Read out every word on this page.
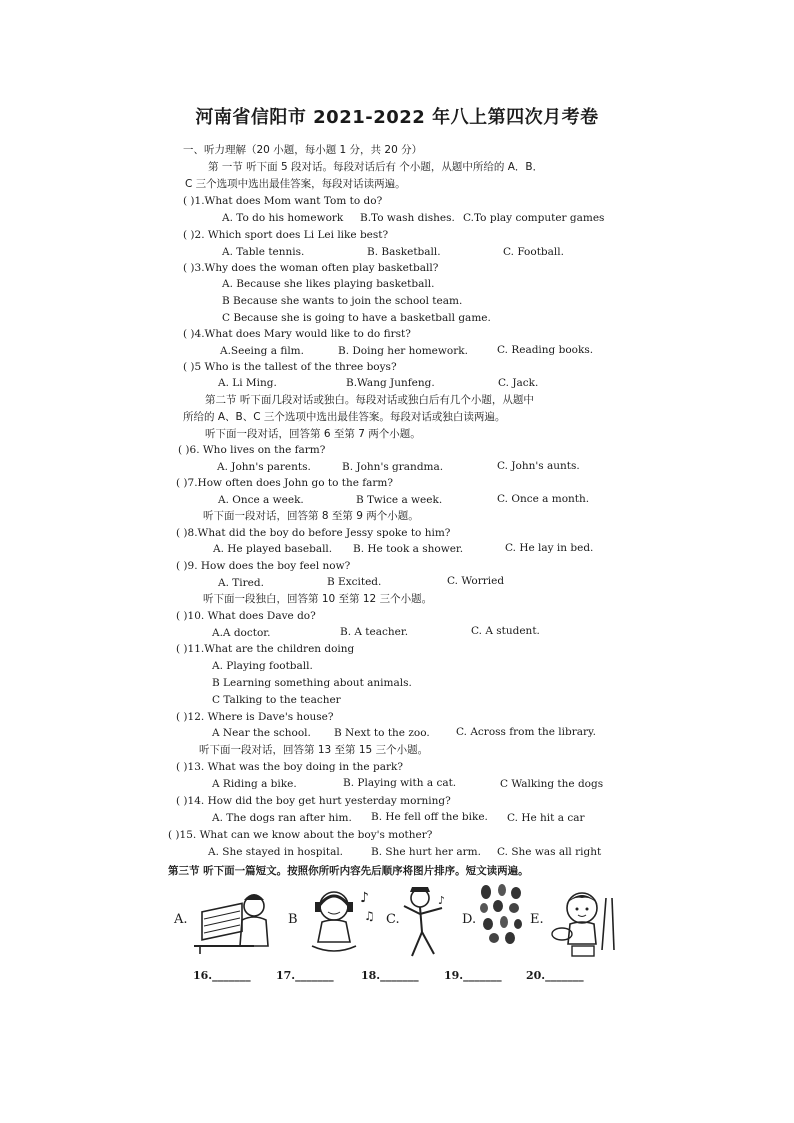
河南省信阳市 2021-2022 年八上第四次月考卷
一、听力理解（20 小题，每小题 1 分，共 20 分）
第 一节 听下面 5 段对话。每段对话后有 个小题，从题中所给的 A．B．
C 三个选项中选出最佳答案，每段对话读两遍。
( )1.What does Mom want Tom to do?
A. To do his homework B.To wash dishes. C.To play computer games
( )2. Which sport does Li Lei like best?
A. Table tennis.	B. Basketball.	C. Football.
( )3.Why does the woman often play basketball?
A. Because she likes playing basketball.
B Because she wants to join the school team.
C Because she is going to have a basketball game.
( )4.What does Mary would like to do first?
A.Seeing a film.	B. Doing her homework.	C. Reading books.
( )5 Who is the tallest of the three boys?
A. Li Ming.	B.Wang Junfeng.	C. Jack.
第二节 听下面几段对话或独白。每段对话或独白后有几个小题，从题中
所给的 A、B、C 三个选项中选出最佳答案。每段对话或独白读两遍。
听下面一段对话，回答第 6 至第 7 两个小题。
( )6. Who lives on the farm?
A. John's parents.	B. John's grandma.	C. John's aunts.
( )7.How often does John go to the farm?
A. Once a week.	B Twice a week.	C. Once a month.
听下面一段对话，回答第 8 至第 9 两个小题。
( )8.What did the boy do before Jessy spoke to him?
A. He played baseball. B. He took a shower.	C. He lay in bed.
( )9. How does the boy feel now?
A. Tired.	B Excited.	C. Worried
听下面一段独白，回答第 10 至第 12 三个小题。
( )10. What does Dave do?
A.A doctor.	B. A teacher.	C. A student.
( )11.What are the children doing
A. Playing football.
B Learning something about animals.
C Talking to the teacher
( )12. Where is Dave's house?
A Near the school. B Next to the zoo.	C. Across from the library.
听下面一段对话，回答第 13 至第 15 三个小题。
( )13. What was the boy doing in the park?
A Riding a bike.	B. Playing with a cat.	C Walking the dogs
( )14. How did the boy get hurt yesterday morning?
A. The dogs ran after him. B. He fell off the bike. C. He hit a car
( )15. What can we know about the boy's mother?
A. She stayed in hospital.	B. She hurt her arm. C. She was all right
第三节 听下面一篇短文。按照你所听内容先后顺序将图片排序。短文读两遍。
A.	B
♪
♫ C.
♪
D.	E.
16._______ 17._______ 18._______ 19._______ 20._______
